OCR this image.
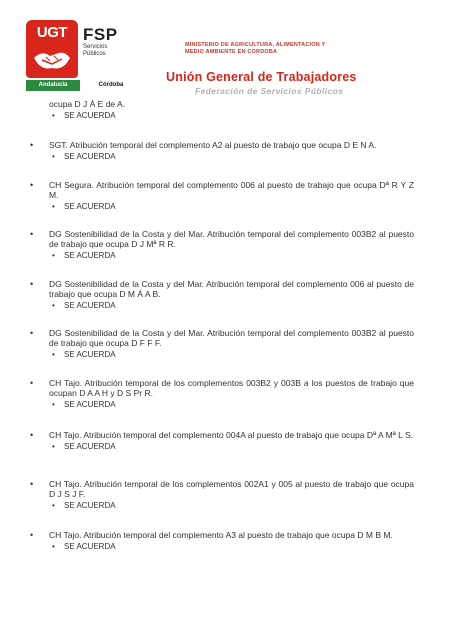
UGT FSP
Servicios
Públicos
Andalucía	Córdoba
MINISTERIO DE AGRICULTURA, ALIMENTACION Y
MEDIO AMBIENTE EN CORDOBA
Unión General de Trabajadores
Federación de Servicios Públicos
ocupa D J Á E de A.
• SE ACUERDA
• SGT. Atribución temporal del complemento A2 al puesto de trabajo que ocupa D E N A.
• SE ACUERDA
• CH Segura. Atribución temporal del complemento 006 al puesto de trabajo que ocupa Dª R Y Z M.
• SE ACUERDA
• DG Sostenibilidad de la Costa y del Mar. Atribución temporal del complemento 003B2 al puesto de trabajo que ocupa D J Mª R R.
• SE ACUERDA
• DG Sostenibilidad de la Costa y del Mar. Atribución temporal del complemento 006 al puesto de trabajo que ocupa D M Á A B.
• SE ACUERDA
• DG Sostenibilidad de la Costa y del Mar. Atribución temporal del complemento 003B2 al puesto de trabajo que ocupa D F F F.
• SE ACUERDA
• CH Tajo. Atribución temporal de los complementos 003B2 y 003B a los puestos de trabajo que ocupan D A A H y D S Pr R.
• SE ACUERDA
• CH Tajo. Atribución temporal del complemento 004A al puesto de trabajo que ocupa Dª A Mª L S.
• SE ACUERDA
• CH Tajo. Atribución temporal de los complementos 002A1 y 005 al puesto de trabajo que ocupa D J S J F.
• SE ACUERDA
• CH Tajo. Atribución temporal del complemento A3 al puesto de trabajo que ocupa D M B M.
• SE ACUERDA
